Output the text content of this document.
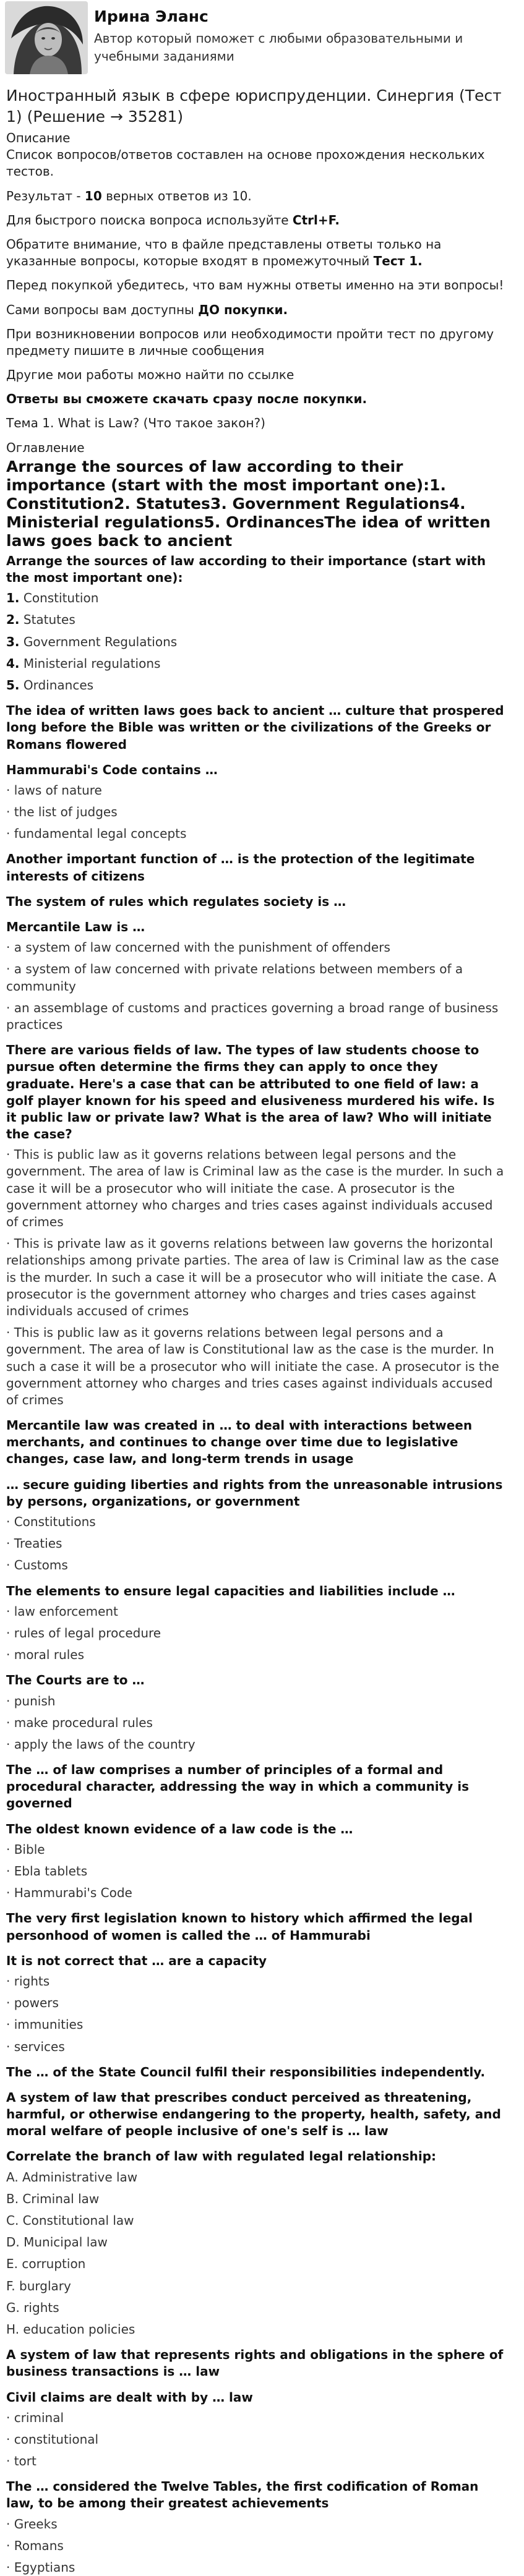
Ирина Эланс
Автор который поможет с любыми образовательными и учебными заданиями
Иностранный язык в сфере юриспруденции. Синергия (Тест 1) (Решение → 35281)

Описание

Список вопросов/ответов составлен на основе прохождения нескольких тестов.

Результат - 10 верных ответов из 10.

Для быстрого поиска вопроса используйте Ctrl+F.

Обратите внимание, что в файле представлены ответы только на указанные вопросы, которые входят в промежуточный Тест 1.

Перед покупкой убедитесь, что вам нужны ответы именно на эти вопросы!

Сами вопросы вам доступны ДО покупки.

При возникновении вопросов или необходимости пройти тест по другому предмету пишите в личные сообщения

Другие мои работы можно найти по ссылке

Ответы вы сможете скачать сразу после покупки.

Тема 1. What is Law? (Что такое закон?)

Оглавление

Arrange the sources of law according to their importance (start with the most important one):1. Constitution2. Statutes3. Government Regulations4. Ministerial regulations5. OrdinancesThe idea of written laws goes back to ancient

Arrange the sources of law according to their importance (start with the most important one):

1. Constitution

2. Statutes

3. Government Regulations

4. Ministerial regulations

5. Ordinances

The idea of written laws goes back to ancient … culture that prospered long before the Bible was written or the civilizations of the Greeks or Romans flowered

Hammurabi's Code contains …

· laws of nature

· the list of judges

· fundamental legal concepts

Another important function of … is the protection of the legitimate interests of citizens

The system of rules which regulates society is …

Mercantile Law is …

· a system of law concerned with the punishment of offenders

· a system of law concerned with private relations between members of a community

· an assemblage of customs and practices governing a broad range of business practices

There are various fields of law. The types of law students choose to pursue often determine the firms they can apply to once they graduate. Here's a case that can be attributed to one field of law: a golf player known for his speed and elusiveness murdered his wife. Is it public law or private law? What is the area of law? Who will initiate the case?

· This is public law as it governs relations between legal persons and the government. The area of law is Criminal law as the case is the murder. In such a case it will be a prosecutor who will initiate the case. A prosecutor is the government attorney who charges and tries cases against individuals accused of crimes

· This is private law as it governs relations between law governs the horizontal relationships among private parties. The area of law is Criminal law as the case is the murder. In such a case it will be a prosecutor who will initiate the case. A prosecutor is the government attorney who charges and tries cases against individuals accused of crimes

· This is public law as it governs relations between legal persons and a government. The area of law is Constitutional law as the case is the murder. In such a case it will be a prosecutor who will initiate the case. A prosecutor is the government attorney who charges and tries cases against individuals accused of crimes

Mercantile law was created in … to deal with interactions between merchants, and continues to change over time due to legislative changes, case law, and long-term trends in usage

… secure guiding liberties and rights from the unreasonable intrusions by persons, organizations, or government

· Constitutions

· Treaties

· Customs

The elements to ensure legal capacities and liabilities include …

· law enforcement

· rules of legal procedure

· moral rules

The Courts are to …

· punish

· make procedural rules

· apply the laws of the country

The … of law comprises a number of principles of a formal and procedural character, addressing the way in which a community is governed

The oldest known evidence of a law code is the …

· Bible

· Ebla tablets

· Hammurabi's Code

The very first legislation known to history which affirmed the legal personhood of women is called the … of Hammurabi

It is not correct that … are a capacity

· rights

· powers

· immunities

· services

The … of the State Council fulfil their responsibilities independently.

A system of law that prescribes conduct perceived as threatening, harmful, or otherwise endangering to the property, health, safety, and moral welfare of people inclusive of one's self is … law

Correlate the branch of law with regulated legal relationship:

A. Administrative law

B. Criminal law

C. Constitutional law

D. Municipal law

E. corruption

F. burglary

G. rights

H. education policies

A system of law that represents rights and obligations in the sphere of business transactions is … law

Civil claims are dealt with by … law

· criminal

· constitutional

· tort

The … considered the Twelve Tables, the first codification of Roman law, to be among their greatest achievements

· Greeks

· Romans

· Egyptians
